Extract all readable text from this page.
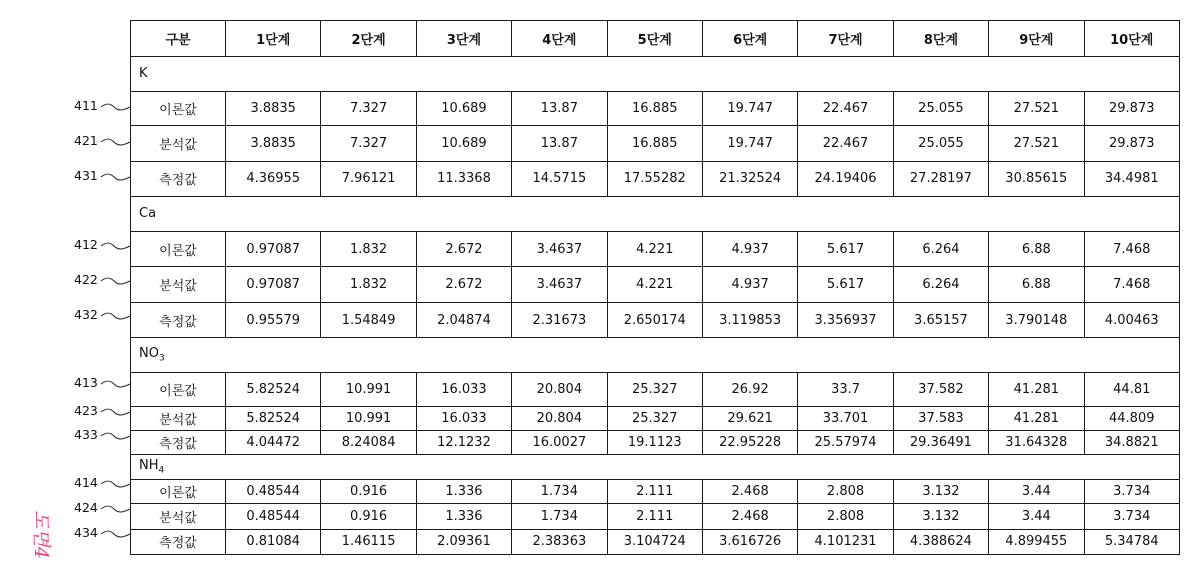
구분	1단계	2단계	3단계	4단계	5단계	6단계	7단계	8단계	9단계	10단계
K										
이론값	3.8835	7.327	10.689	13.87	16.885	19.747	22.467	25.055	27.521	29.873
분석값	3.8835	7.327	10.689	13.87	16.885	19.747	22.467	25.055	27.521	29.873
측정값	4.36955	7.96121	11.3368	14.5715	17.55282	21.32524	24.19406	27.28197	30.85615	34.4981
Ca										
이론값	0.97087	1.832	2.672	3.4637	4.221	4.937	5.617	6.264	6.88	7.468
분석값	0.97087	1.832	2.672	3.4637	4.221	4.937	5.617	6.264	6.88	7.468
측정값	0.95579	1.54849	2.04874	2.31673	2.650174	3.119853	3.356937	3.65157	3.790148	4.00463
$NO_3$
이론값	5.82524	10.991	16.033	20.804	25.327	26.92	33.7	37.582	41.281	44.81
분석값	5.82524	10.991	16.033	20.804	25.327	29.621	33.701	37.583	41.281	44.809
측정값	4.04472	8.24084	12.1232	16.0027	19.1123	22.95228	25.57974	29.36491	31.64328	34.8821
$NH_4$
이론값	0.48544	0.916	1.336	1.734	2.111	2.468	2.808	3.132	3.44	3.734
분석값	0.48544	0.916	1.336	1.734	2.111	2.468	2.808	3.132	3.44	3.734
측정값	0.81084	1.46115	2.09361	2.38363	3.104724	3.616726	4.101231	4.388624	4.899455	5.34784
411
421
431
412
422
432
413
423
433
414
424
434
도면4
